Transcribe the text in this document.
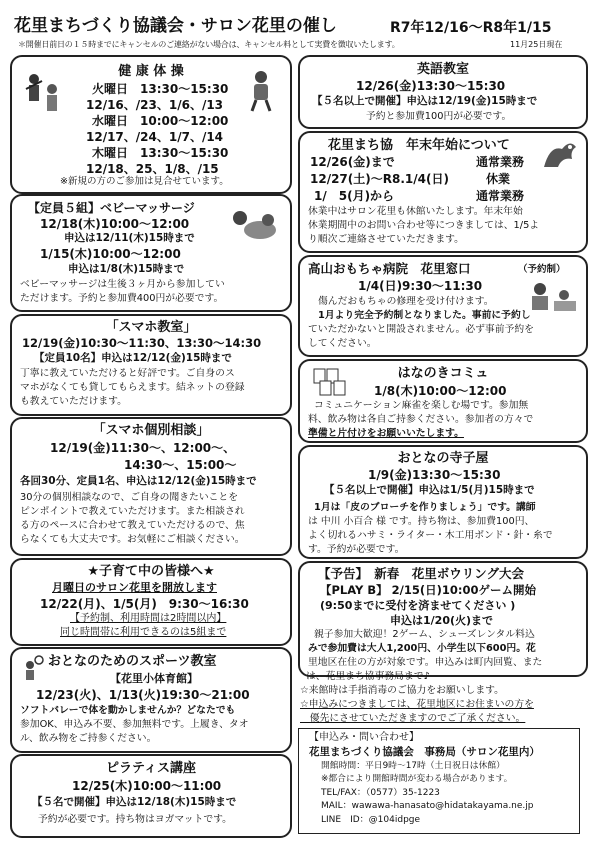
花里まちづくり協議会・サロン花里の催し	R7年12/16～R8年1/15
＊開催日前日の１５時までにキャンセルのご連絡がない場合は、キャンセル料として実費を徴収いたします。	11月25日現在
健 康 体 操
火曜日　13:30～15:30
12/16、/23、1/6、/13
水曜日　10:00～12:00
12/17、/24、1/7、/14
木曜日　13:30～15:30
12/18、25、1/8、/15
※新規の方のご参加は見合せています。
【定員５組】ベビーマッサージ
12/18(木)10:00～12:00
申込は12/11(木)15時まで
1/15(木)10:00～12:00
申込は1/8(木)15時まで
ベビーマッサージは生後３ヶ月から参加してい
ただけます。予約と参加費400円が必要です。
「スマホ教室」
12/19(金)10:30～11:30、13:30～14:30
【定員10名】申込は12/12(金)15時まで
丁寧に教えていただけると好評です。ご自身のス
マホがなくても貸してもらえます。結ネットの登録
も教えていただけます。
「スマホ個別相談」
12/19(金)11:30～、12:00～、
14:30～、15:00～
各回30分、定員1名、申込は12/12(金)15時まで
30分の個別相談なので、ご自身の聞きたいことを
ピンポイントで教えていただけます。また相談され
る方のペースに合わせて教えていただけるので、焦
らなくても大丈夫です。お気軽にご相談ください。
★子育て中の皆様へ★
月曜日のサロン花里を開放します
12/22(月)、1/5(月)　9:30～16:30
【予約制、利用時間は2時間以内】
同じ時間帯に利用できるのは5組まで
おとなのためのスポーツ教室
【花里小体育館】
12/23(火)、1/13(火)19:30～21:00
ソフトバレーで体を動かしませんか？どなたでも
参加OK、申込み不要、参加無料です。上履き、タオ
ル、飲み物をご持参ください。
ピラティス講座
12/25(木)10:00～11:00
【５名で開催】申込は12/18(木)15時まで
予約が必要です。持ち物はヨガマットです。
英語教室
12/26(金)13:30～15:30
【５名以上で開催】申込は12/19(金)15時まで
予約と参加費100円が必要です。
花里まち協　年末年始について
12/26(金)まで	通常業務
12/27(土)～R8.1/4(日)	休業
1/　5(月)から	通常業務
休業中はサロン花里も休館いたします。年末年始
休業期間中のお問い合わせ等につきましては、1/5よ
り順次ご連絡させていただきます。
高山おもちゃ病院　花里窓口	（予約制）
1/4(日)9:30～11:30
傷んだおもちゃの修理を受け付けます。
1月より完全予約制となりました。事前に予約し
ていただかないと開設されません。必ず事前予約を
してください。
はなのきコミュ
1/8(木)10:00～12:00
コミュニケーション麻雀を楽しむ場です。参加無
料、飲み物は各自ご持参ください。参加者の方々で
準備と片付けをお願いいたします。
おとなの寺子屋
1/9(金)13:30～15:30
【５名以上で開催】申込は1/5(月)15時まで
1月は「皮のブローチを作りましょう」です。講師
は 中川 小百合 様 です。持ち物は、参加費100円、
よく切れるハサミ・ライター・木工用ボンド・針・糸で
す。予約が必要です。
【予告】　新春　花里ボウリング大会
【PLAY B】 2/15(日)10:00ゲーム開始
(9:50までに受付を済ませてください )
申込は1/20(火)まで
親子参加大歓迎！2ゲーム、シューズレンタル料込
みで参加費は大人1,200円、小学生以下600円。花
里地区在住の方が対象です。申込みは町内回覧、また
は、花里まち協事務局まで♪
☆来館時は手指消毒のご協力をお願いします。
☆申込みにつきましては、花里地区にお住まいの方を
　優先にさせていただきますのでご了承ください。
【申込み・問い合わせ】
花里まちづくり協議会　事務局（サロン花里内）
開館時間：平日9時～17時（土日祝日は休館）
※都合により開館時間が変わる場合があります。
TEL/FAX：（0577）35-1223
MAIL：wawawa-hanasato@hidatakayama.ne.jp
LINE　ID：@104idpge
